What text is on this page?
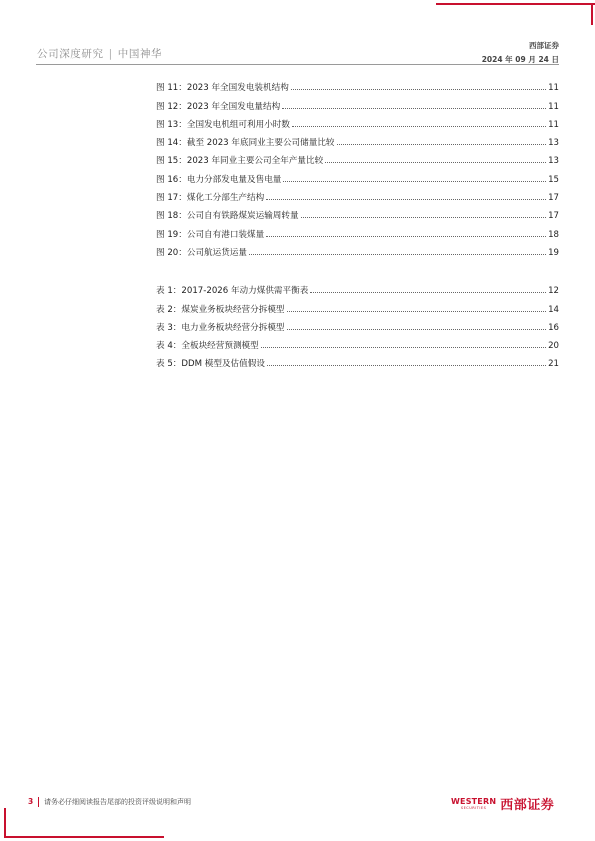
公司深度研究 | 中国神华
西部证券
2024 年 09 月 24 日
图 11：2023 年全国发电装机结构	11
图 12：2023 年全国发电量结构	11
图 13：全国发电机组可利用小时数	11
图 14：截至 2023 年底同业主要公司储量比较	13
图 15：2023 年同业主要公司全年产量比较	13
图 16：电力分部发电量及售电量	15
图 17：煤化工分部生产结构	17
图 18：公司自有铁路煤炭运输周转量	17
图 19：公司自有港口装煤量	18
图 20：公司航运货运量	19
表 1：2017-2026 年动力煤供需平衡表	12
表 2：煤炭业务板块经营分拆模型	14
表 3：电力业务板块经营分拆模型	16
表 4：全板块经营预测模型	20
表 5：DDM 模型及估值假设	21
3 请务必仔细阅读报告尾部的投资评级说明和声明	WESTERN
SECURITIES 西部证券
